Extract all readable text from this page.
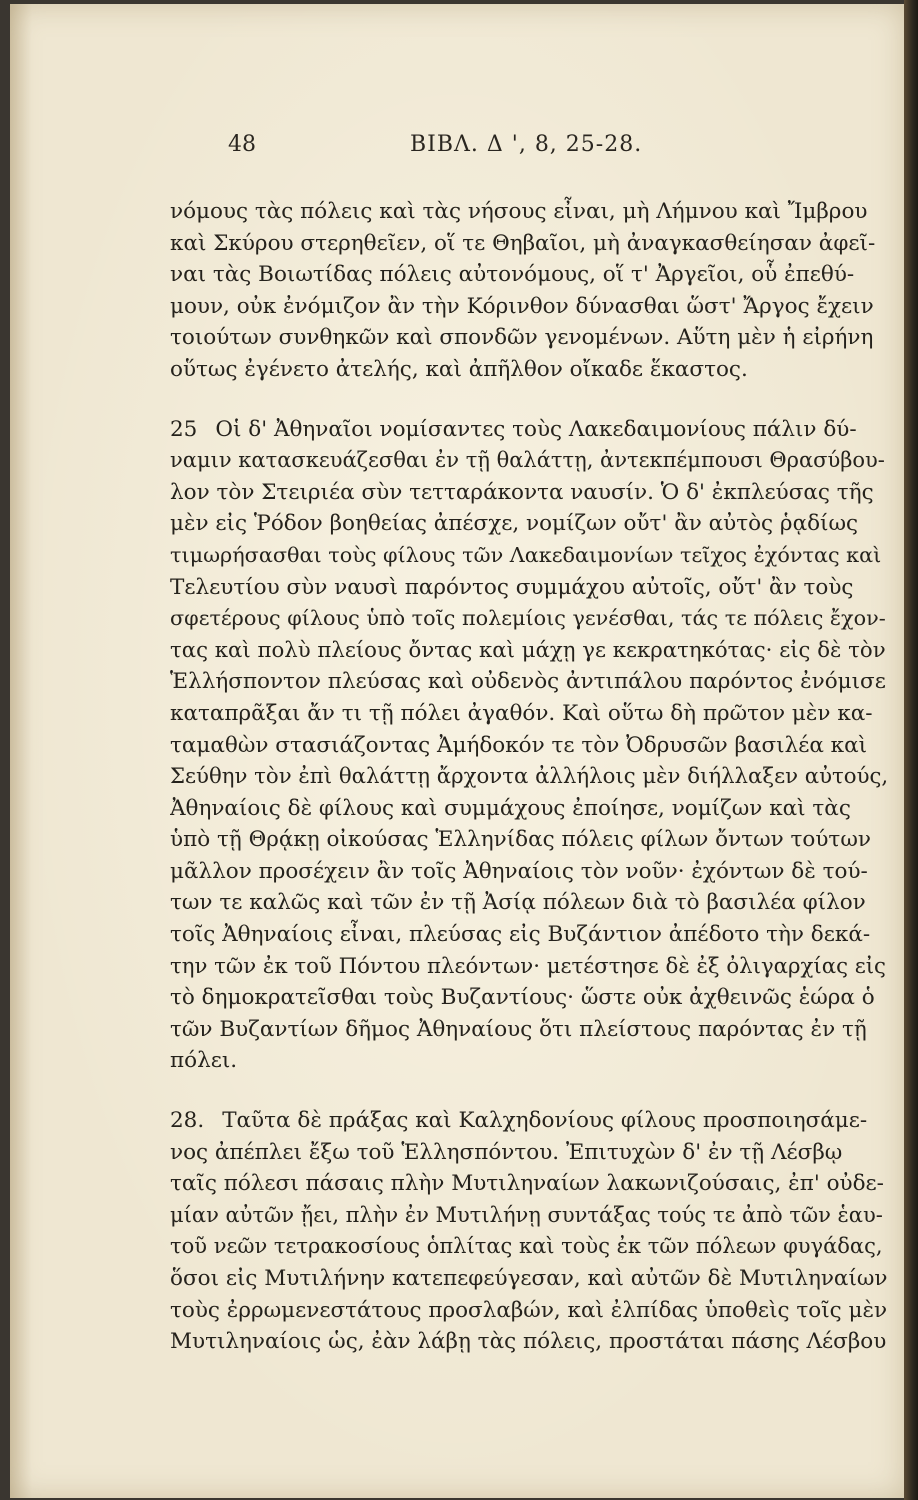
48	ΒΙΒΛ. Δ ', 8, 25-28.

νόμους τὰς πόλεις καὶ τὰς νήσους εἶναι, μὴ Λήμνου καὶ Ἴμβρου
καὶ Σκύρου στερηθεῖεν, οἵ τε Θηβαῖοι, μὴ ἀναγκασθείησαν ἀφεῖ-
ναι τὰς Βοιωτίδας πόλεις αὐτονόμους, οἵ τ' Ἀργεῖοι, οὗ ἐπεθύ-
μουν, οὐκ ἐνόμιζον ἂν τὴν Κόρινθον δύνασθαι ὥστ' Ἄργος ἔχειν
τοιούτων συνθηκῶν καὶ σπονδῶν γενομένων. Αὕτη μὲν ἡ εἰρήνη
οὕτως ἐγένετο ἀτελής, καὶ ἀπῆλθον οἴκαδε ἕκαστος.

25 Οἱ δ' Ἀθηναῖοι νομίσαντες τοὺς Λακεδαιμονίους πάλιν δύ-
ναμιν κατασκευάζεσθαι ἐν τῇ θαλάττῃ, ἀντεκπέμπουσι Θρασύβου-
λον τὸν Στειριέα σὺν τετταράκοντα ναυσίν. Ὁ δ' ἐκπλεύσας τῆς
μὲν εἰς Ῥόδον βοηθείας ἀπέσχε, νομίζων οὔτ' ἂν αὐτὸς ῥᾳδίως
τιμωρήσασθαι τοὺς φίλους τῶν Λακεδαιμονίων τεῖχος ἐχόντας καὶ
Τελευτίου σὺν ναυσὶ παρόντος συμμάχου αὐτοῖς, οὔτ' ἂν τοὺς
σφετέρους φίλους ὑπὸ τοῖς πολεμίοις γενέσθαι, τάς τε πόλεις ἔχον-
τας καὶ πολὺ πλείους ὄντας καὶ μάχῃ γε κεκρατηκότας· εἰς δὲ τὸν
Ἑλλήσποντον πλεύσας καὶ οὐδενὸς ἀντιπάλου παρόντος ἐνόμισε
καταπρᾶξαι ἄν τι τῇ πόλει ἀγαθόν. Καὶ οὕτω δὴ πρῶτον μὲν κα-
ταμαθὼν στασιάζοντας Ἀμήδοκόν τε τὸν Ὀδρυσῶν βασιλέα καὶ
Σεύθην τὸν ἐπὶ θαλάττῃ ἄρχοντα ἀλλήλοις μὲν διήλλαξεν αὐτούς,
Ἀθηναίοις δὲ φίλους καὶ συμμάχους ἐποίησε, νομίζων καὶ τὰς
ὑπὸ τῇ Θρᾴκῃ οἰκούσας Ἑλληνίδας πόλεις φίλων ὄντων τούτων
μᾶλλον προσέχειν ἂν τοῖς Ἀθηναίοις τὸν νοῦν· ἐχόντων δὲ τού-
των τε καλῶς καὶ τῶν ἐν τῇ Ἀσίᾳ πόλεων διὰ τὸ βασιλέα φίλον
τοῖς Ἀθηναίοις εἶναι, πλεύσας εἰς Βυζάντιον ἀπέδοτο τὴν δεκά-
την τῶν ἐκ τοῦ Πόντου πλεόντων· μετέστησε δὲ ἐξ ὀλιγαρχίας εἰς
τὸ δημοκρατεῖσθαι τοὺς Βυζαντίους· ὥστε οὐκ ἀχθεινῶς ἑώρα ὁ
τῶν Βυζαντίων δῆμος Ἀθηναίους ὅτι πλείστους παρόντας ἐν τῇ
πόλει.

28. Ταῦτα δὲ πράξας καὶ Καλχηδονίους φίλους προσποιησάμε-
νος ἀπέπλει ἔξω τοῦ Ἑλλησπόντου. Ἐπιτυχὼν δ' ἐν τῇ Λέσβῳ
ταῖς πόλεσι πάσαις πλὴν Μυτιληναίων λακωνιζούσαις, ἐπ' οὐδε-
μίαν αὐτῶν ᾔει, πλὴν ἐν Μυτιλήνῃ συντάξας τούς τε ἀπὸ τῶν ἑαυ-
τοῦ νεῶν τετρακοσίους ὁπλίτας καὶ τοὺς ἐκ τῶν πόλεων φυγάδας,
ὅσοι εἰς Μυτιλήνην κατεπεφεύγεσαν, καὶ αὐτῶν δὲ Μυτιληναίων
τοὺς ἐρρωμενεστάτους προσλαβών, καὶ ἐλπίδας ὑποθεὶς τοῖς μὲν
Μυτιληναίοις ὡς, ἐὰν λάβῃ τὰς πόλεις, προστάται πάσης Λέσβου
